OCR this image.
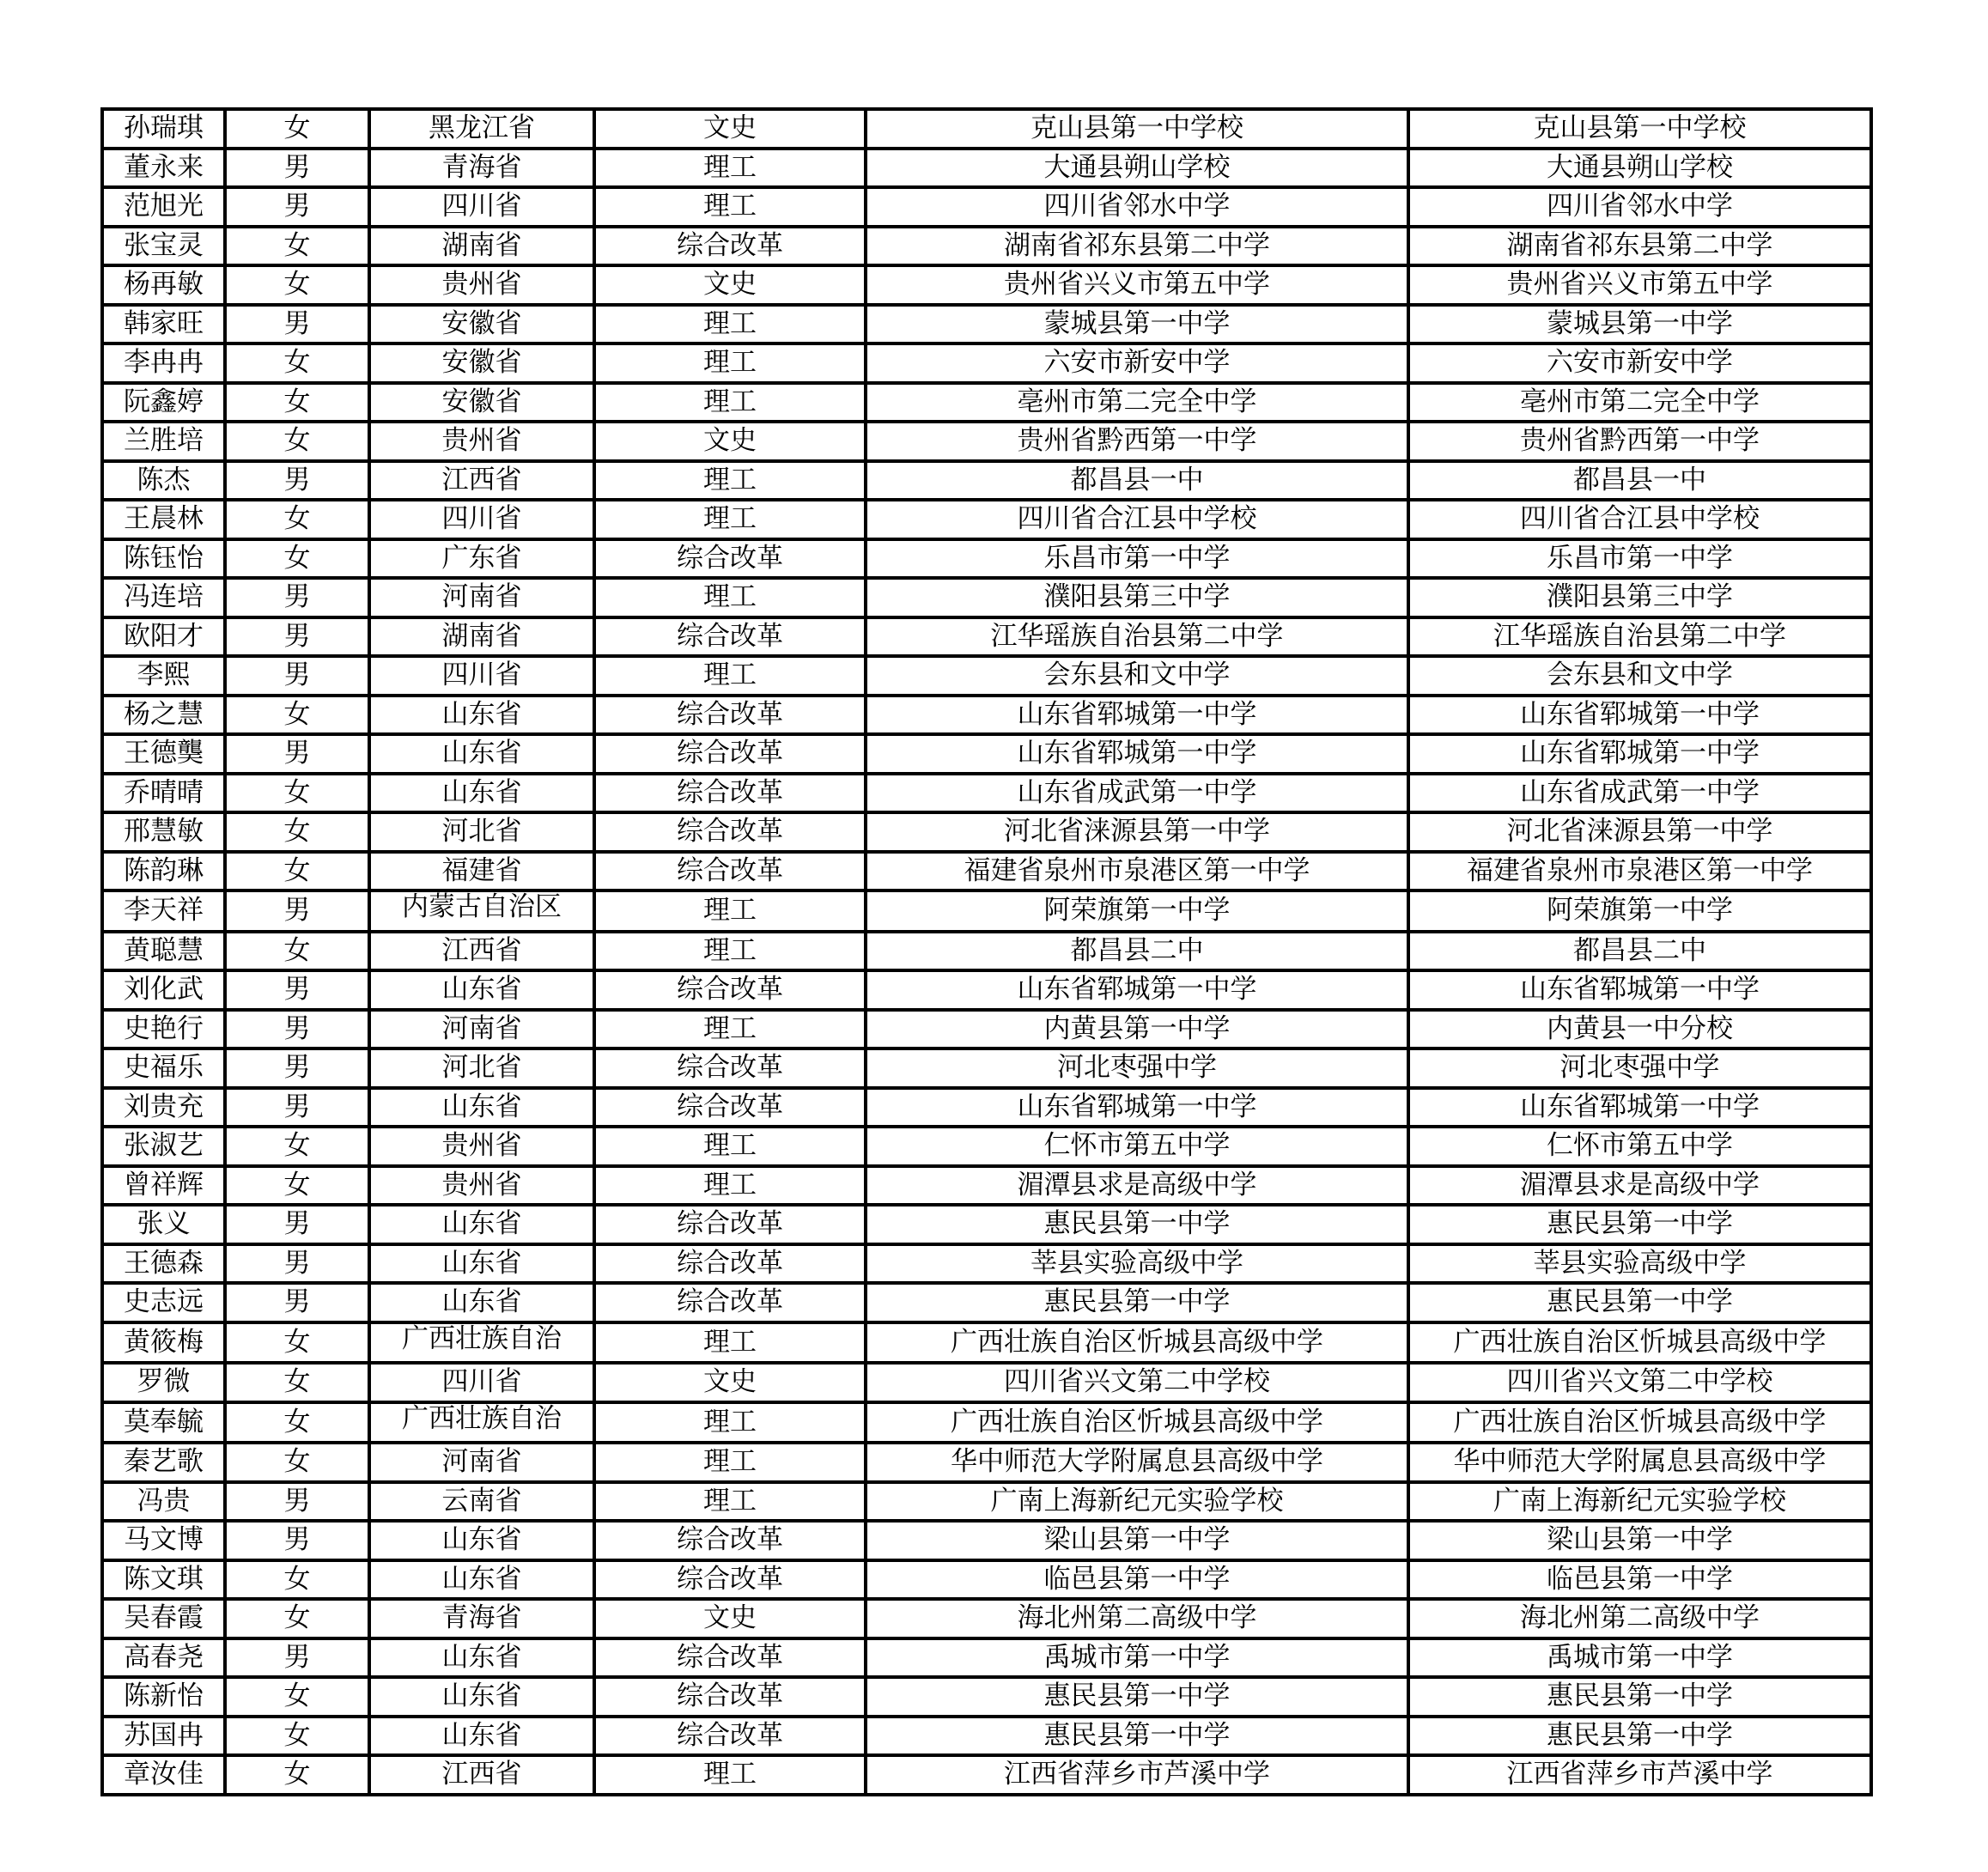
孙瑞琪	女	黑龙江省	文史	克山县第一中学校	克山县第一中学校
董永来	男	青海省	理工	大通县朔山学校	大通县朔山学校
范旭光	男	四川省	理工	四川省邻水中学	四川省邻水中学
张宝灵	女	湖南省	综合改革	湖南省祁东县第二中学	湖南省祁东县第二中学
杨再敏	女	贵州省	文史	贵州省兴义市第五中学	贵州省兴义市第五中学
韩家旺	男	安徽省	理工	蒙城县第一中学	蒙城县第一中学
李冉冉	女	安徽省	理工	六安市新安中学	六安市新安中学
阮鑫婷	女	安徽省	理工	亳州市第二完全中学	亳州市第二完全中学
兰胜培	女	贵州省	文史	贵州省黔西第一中学	贵州省黔西第一中学
陈杰	男	江西省	理工	都昌县一中	都昌县一中
王晨林	女	四川省	理工	四川省合江县中学校	四川省合江县中学校
陈钰怡	女	广东省	综合改革	乐昌市第一中学	乐昌市第一中学
冯连培	男	河南省	理工	濮阳县第三中学	濮阳县第三中学
欧阳才	男	湖南省	综合改革	江华瑶族自治县第二中学	江华瑶族自治县第二中学
李熙	男	四川省	理工	会东县和文中学	会东县和文中学
杨之慧	女	山东省	综合改革	山东省郓城第一中学	山东省郓城第一中学
王德龑	男	山东省	综合改革	山东省郓城第一中学	山东省郓城第一中学
乔晴晴	女	山东省	综合改革	山东省成武第一中学	山东省成武第一中学
邢慧敏	女	河北省	综合改革	河北省涞源县第一中学	河北省涞源县第一中学
陈韵琳	女	福建省	综合改革	福建省泉州市泉港区第一中学	福建省泉州市泉港区第一中学
李天祥	男	内蒙古自治区	理工	阿荣旗第一中学	阿荣旗第一中学
黄聪慧	女	江西省	理工	都昌县二中	都昌县二中
刘化武	男	山东省	综合改革	山东省郓城第一中学	山东省郓城第一中学
史艳行	男	河南省	理工	内黄县第一中学	内黄县一中分校
史福乐	男	河北省	综合改革	河北枣强中学	河北枣强中学
刘贵充	男	山东省	综合改革	山东省郓城第一中学	山东省郓城第一中学
张淑艺	女	贵州省	理工	仁怀市第五中学	仁怀市第五中学
曾祥辉	女	贵州省	理工	湄潭县求是高级中学	湄潭县求是高级中学
张义	男	山东省	综合改革	惠民县第一中学	惠民县第一中学
王德森	男	山东省	综合改革	莘县实验高级中学	莘县实验高级中学
史志远	男	山东省	综合改革	惠民县第一中学	惠民县第一中学
黄筱梅	女	广西壮族自治	理工	广西壮族自治区忻城县高级中学	广西壮族自治区忻城县高级中学
罗微	女	四川省	文史	四川省兴文第二中学校	四川省兴文第二中学校
莫奉毓	女	广西壮族自治	理工	广西壮族自治区忻城县高级中学	广西壮族自治区忻城县高级中学
秦艺歌	女	河南省	理工	华中师范大学附属息县高级中学	华中师范大学附属息县高级中学
冯贵	男	云南省	理工	广南上海新纪元实验学校	广南上海新纪元实验学校
马文博	男	山东省	综合改革	梁山县第一中学	梁山县第一中学
陈文琪	女	山东省	综合改革	临邑县第一中学	临邑县第一中学
吴春霞	女	青海省	文史	海北州第二高级中学	海北州第二高级中学
高春尧	男	山东省	综合改革	禹城市第一中学	禹城市第一中学
陈新怡	女	山东省	综合改革	惠民县第一中学	惠民县第一中学
苏国冉	女	山东省	综合改革	惠民县第一中学	惠民县第一中学
章汝佳	女	江西省	理工	江西省萍乡市芦溪中学	江西省萍乡市芦溪中学
